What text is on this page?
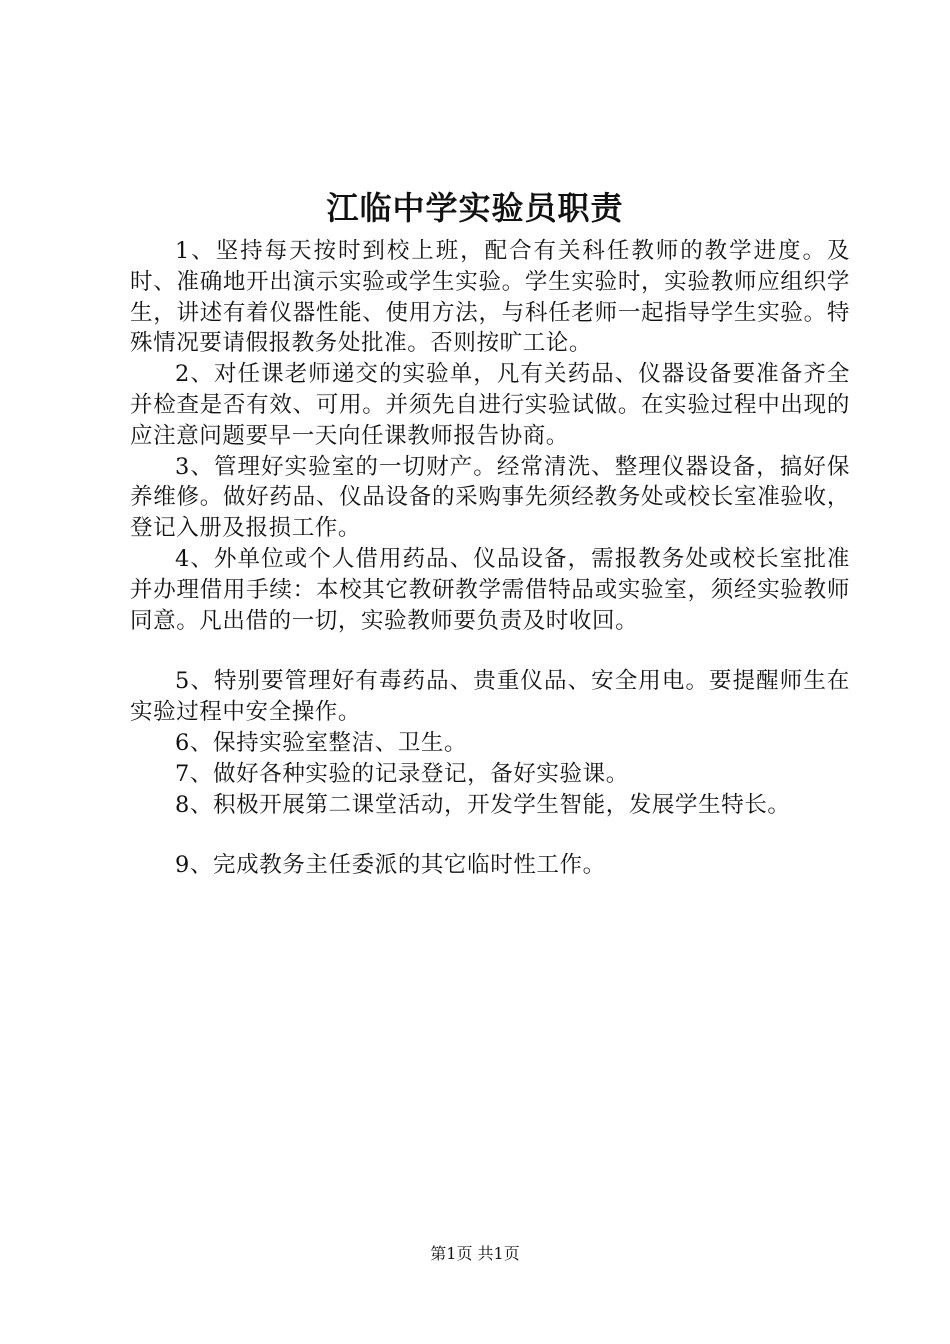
江临中学实验员职责

1、坚持每天按时到校上班，配合有关科任教师的教学进度。及时、准确地开出演示实验或学生实验。学生实验时，实验教师应组织学生，讲述有着仪器性能、使用方法，与科任老师一起指导学生实验。特殊情况要请假报教务处批准。否则按旷工论。

2、对任课老师递交的实验单，凡有关药品、仪器设备要准备齐全并检查是否有效、可用。并须先自进行实验试做。在实验过程中出现的应注意问题要早一天向任课教师报告协商。

3、管理好实验室的一切财产。经常清洗、整理仪器设备，搞好保养维修。做好药品、仪品设备的采购事先须经教务处或校长室准验收，登记入册及报损工作。

4、外单位或个人借用药品、仪品设备，需报教务处或校长室批准并办理借用手续：本校其它教研教学需借特品或实验室，须经实验教师同意。凡出借的一切，实验教师要负责及时收回。

5、特别要管理好有毒药品、贵重仪品、安全用电。要提醒师生在实验过程中安全操作。

6、保持实验室整洁、卫生。

7、做好各种实验的记录登记，备好实验课。

8、积极开展第二课堂活动，开发学生智能，发展学生特长。

9、完成教务主任委派的其它临时性工作。

第1页 共1页
